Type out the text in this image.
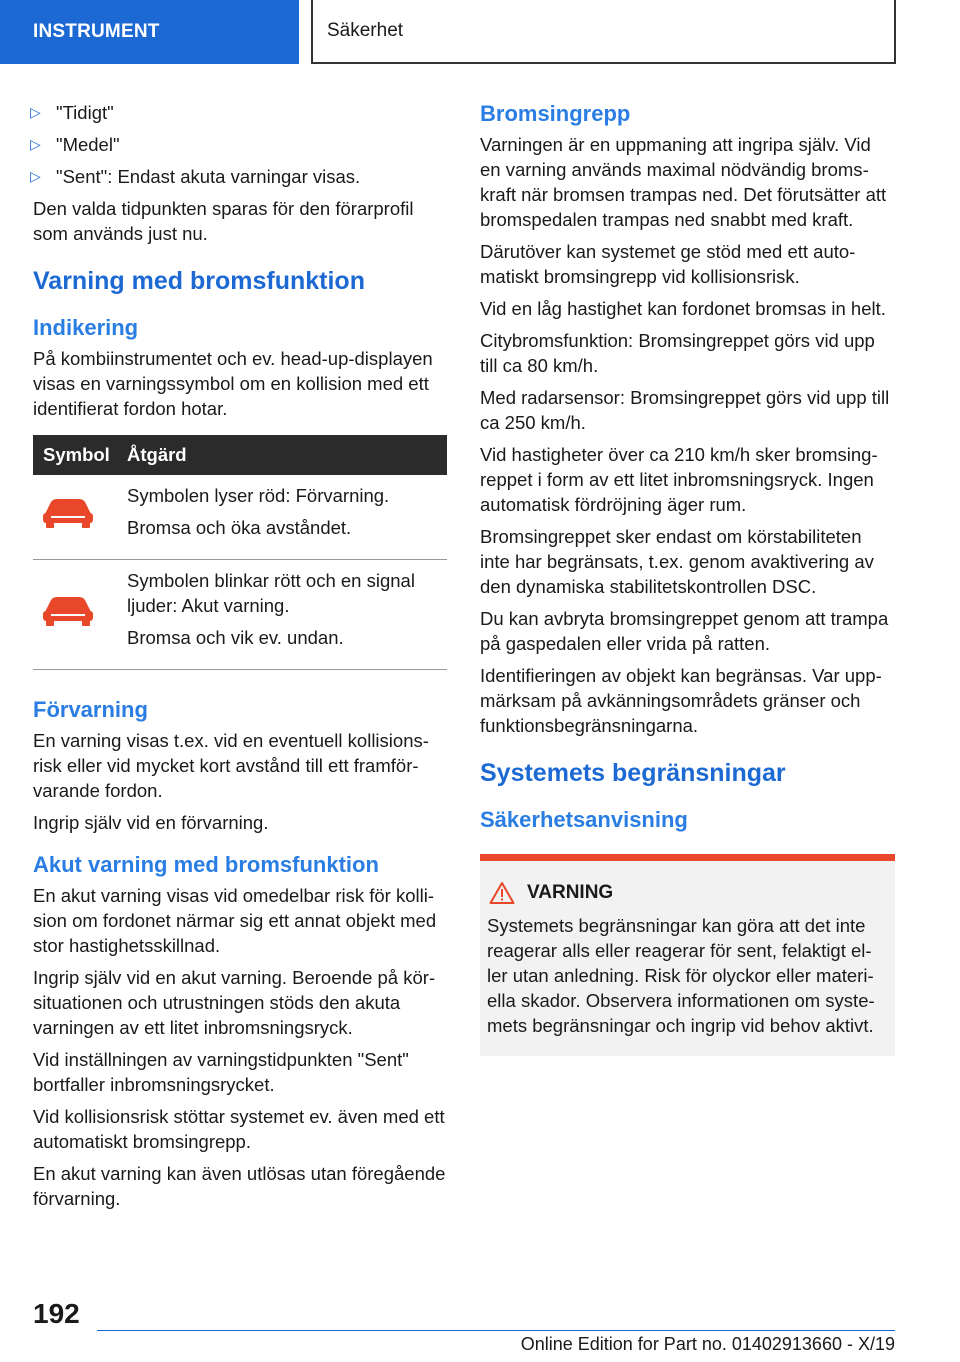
INSTRUMENT	Säkerhet
▷ "Tidigt"
▷ "Medel"
▷ "Sent": Endast akuta varningar visas.

Den valda tidpunkten sparas för den förarprofil som används just nu.

Varning med bromsfunktion
Indikering

På kombiinstrumentet och ev. head-up-displayen visas en varningssymbol om en kollision med ett identifierat fordon hotar.

Symbol	Åtgärd

Symbolen lyser röd: Förvarning.

Bromsa och öka avståndet.

Symbolen blinkar rött och en signal ljuder: Akut varning.

Bromsa och vik ev. undan.

Förvarning

En varning visas t.ex. vid en eventuell kollisionsrisk eller vid mycket kort avstånd till ett framförvarande fordon.

Ingrip själv vid en förvarning.

Akut varning med bromsfunktion

En akut varning visas vid omedelbar risk för kollision om fordonet närmar sig ett annat objekt med stor hastighetsskillnad.

Ingrip själv vid en akut varning. Beroende på körsituationen och utrustningen stöds den akuta varningen av ett litet inbromsningsryck.

Vid inställningen av varningstidpunkten "Sent" bortfaller inbromsningsrycket.

Vid kollisionsrisk stöttar systemet ev. även med ett automatiskt bromsingrepp.

En akut varning kan även utlösas utan föregående förvarning.

Bromsingrepp

Varningen är en uppmaning att ingripa själv. Vid en varning används maximal nödvändig bromskraft när bromsen trampas ned. Det förutsätter att bromspedalen trampas ned snabbt med kraft.

Därutöver kan systemet ge stöd med ett automatiskt bromsingrepp vid kollisionsrisk.

Vid en låg hastighet kan fordonet bromsas in helt.

Citybromsfunktion: Bromsingreppet görs vid upp till ca 80 km/h.

Med radarsensor: Bromsingreppet görs vid upp till ca 250 km/h.

Vid hastigheter över ca 210 km/h sker bromsingreppet i form av ett litet inbromsningsryck. Ingen automatisk fördröjning äger rum.

Bromsingreppet sker endast om körstabiliteten inte har begränsats, t.ex. genom avaktivering av den dynamiska stabilitetskontrollen DSC.

Du kan avbryta bromsingreppet genom att trampa på gaspedalen eller vrida på ratten.

Identifieringen av objekt kan begränsas. Var uppmärksam på avkänningsområdets gränser och funktionsbegränsningarna.

Systemets begränsningar
Säkerhetsanvisning
VARNING

Systemets begränsningar kan göra att det inte reagerar alls eller reagerar för sent, felaktigt eller utan anledning. Risk för olyckor eller materiella skador. Observera informationen om systemets begränsningar och ingrip vid behov aktivt.

192
Online Edition for Part no. 01402913660 - X/19
